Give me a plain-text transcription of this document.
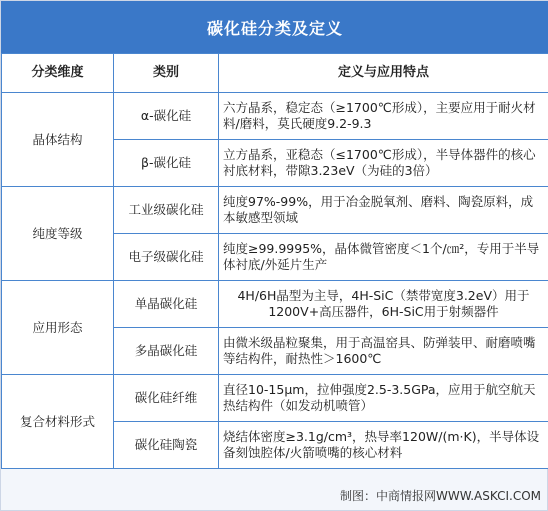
碳化硅分类及定义
分类维度	类别	定义与应用特点
晶体结构	α-碳化硅	六方晶系，稳定态（≥1700℃形成），主要应用于耐火材料/磨料，莫氏硬度9.2-9.3
	β-碳化硅	立方晶系，亚稳态（≤1700℃形成），半导体器件的核心衬底材料，带隙3.23eV（为硅的3倍）
纯度等级	工业级碳化硅	纯度97%-99%，用于冶金脱氧剂、磨料、陶瓷原料，成本敏感型领域
	电子级碳化硅	纯度≥99.9995%，晶体微管密度＜1个/㎝²，专用于半导体衬底/外延片生产
应用形态	单晶碳化硅	4H/6H晶型为主导，4H-SiC（禁带宽度3.2eV）用于1200V+高压器件，6H-SiC用于射频器件
	多晶碳化硅	由微米级晶粒聚集，用于高温窑具、防弹装甲、耐磨喷嘴等结构件，耐热性＞1600℃
复合材料形式	碳化硅纤维	直径10-15μm，拉伸强度2.5-3.5GPa，应用于航空航天热结构件（如发动机喷管）
	碳化硅陶瓷	烧结体密度≥3.1g/cm³，热导率120W/(m·K)，半导体设备刻蚀腔体/火箭喷嘴的核心材料
制图：中商情报网WWW.ASKCI.COM
